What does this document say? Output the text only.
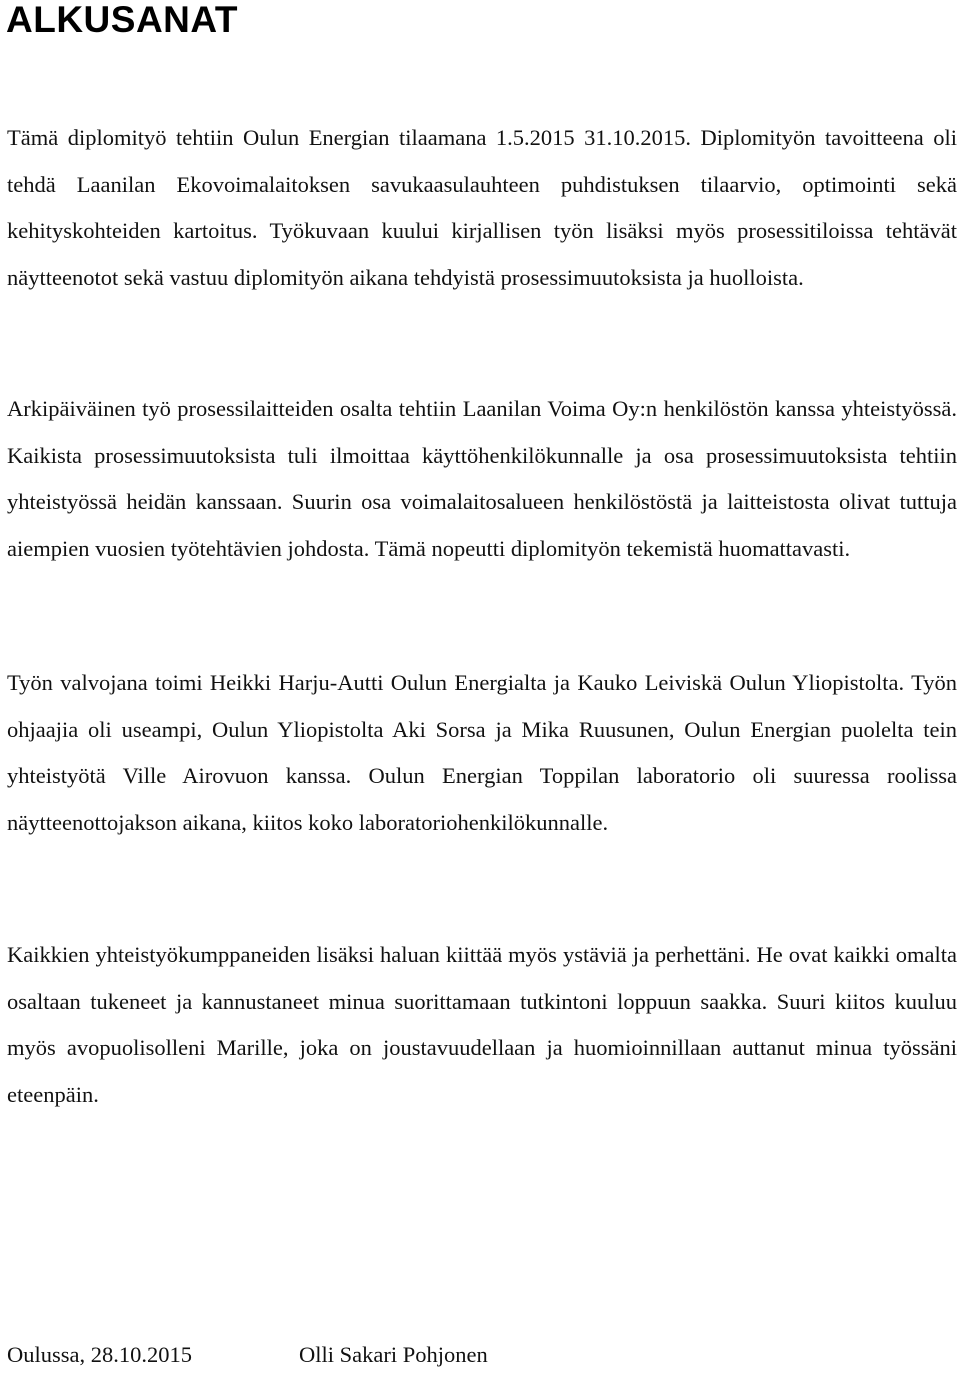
ALKUSANAT

Tämä diplomityö tehtiin Oulun Energian tilaamana 1.5.2015 31.10.2015. Diplomityön tavoitteena oli tehdä Laanilan Ekovoimalaitoksen savukaasulauhteen puhdistuksen tilaarvio, optimointi sekä kehityskohteiden kartoitus. Työkuvaan kuului kirjallisen työn lisäksi myös prosessitiloissa tehtävät näytteenotot sekä vastuu diplomityön aikana tehdyistä prosessimuutoksista ja huolloista.

Arkipäiväinen työ prosessilaitteiden osalta tehtiin Laanilan Voima Oy:n henkilöstön kanssa yhteistyössä. Kaikista prosessimuutoksista tuli ilmoittaa käyttöhenkilökunnalle ja osa prosessimuutoksista tehtiin yhteistyössä heidän kanssaan. Suurin osa voimalaitosalueen henkilöstöstä ja laitteistosta olivat tuttuja aiempien vuosien työtehtävien johdosta. Tämä nopeutti diplomityön tekemistä huomattavasti.

Työn valvojana toimi Heikki Harju-Autti Oulun Energialta ja Kauko Leiviskä Oulun Yliopistolta. Työn ohjaajia oli useampi, Oulun Yliopistolta Aki Sorsa ja Mika Ruusunen, Oulun Energian puolelta tein yhteistyötä Ville Airovuon kanssa. Oulun Energian Toppilan laboratorio oli suuressa roolissa näytteenottojakson aikana, kiitos koko laboratoriohenkilökunnalle.

Kaikkien yhteistyökumppaneiden lisäksi haluan kiittää myös ystäviä ja perhettäni. He ovat kaikki omalta osaltaan tukeneet ja kannustaneet minua suorittamaan tutkintoni loppuun saakka. Suuri kiitos kuuluu myös avopuolisolleni Marille, joka on joustavuudellaan ja huomioinnillaan auttanut minua työssäni eteenpäin.

Oulussa, 28.10.2015	Olli Sakari Pohjonen
